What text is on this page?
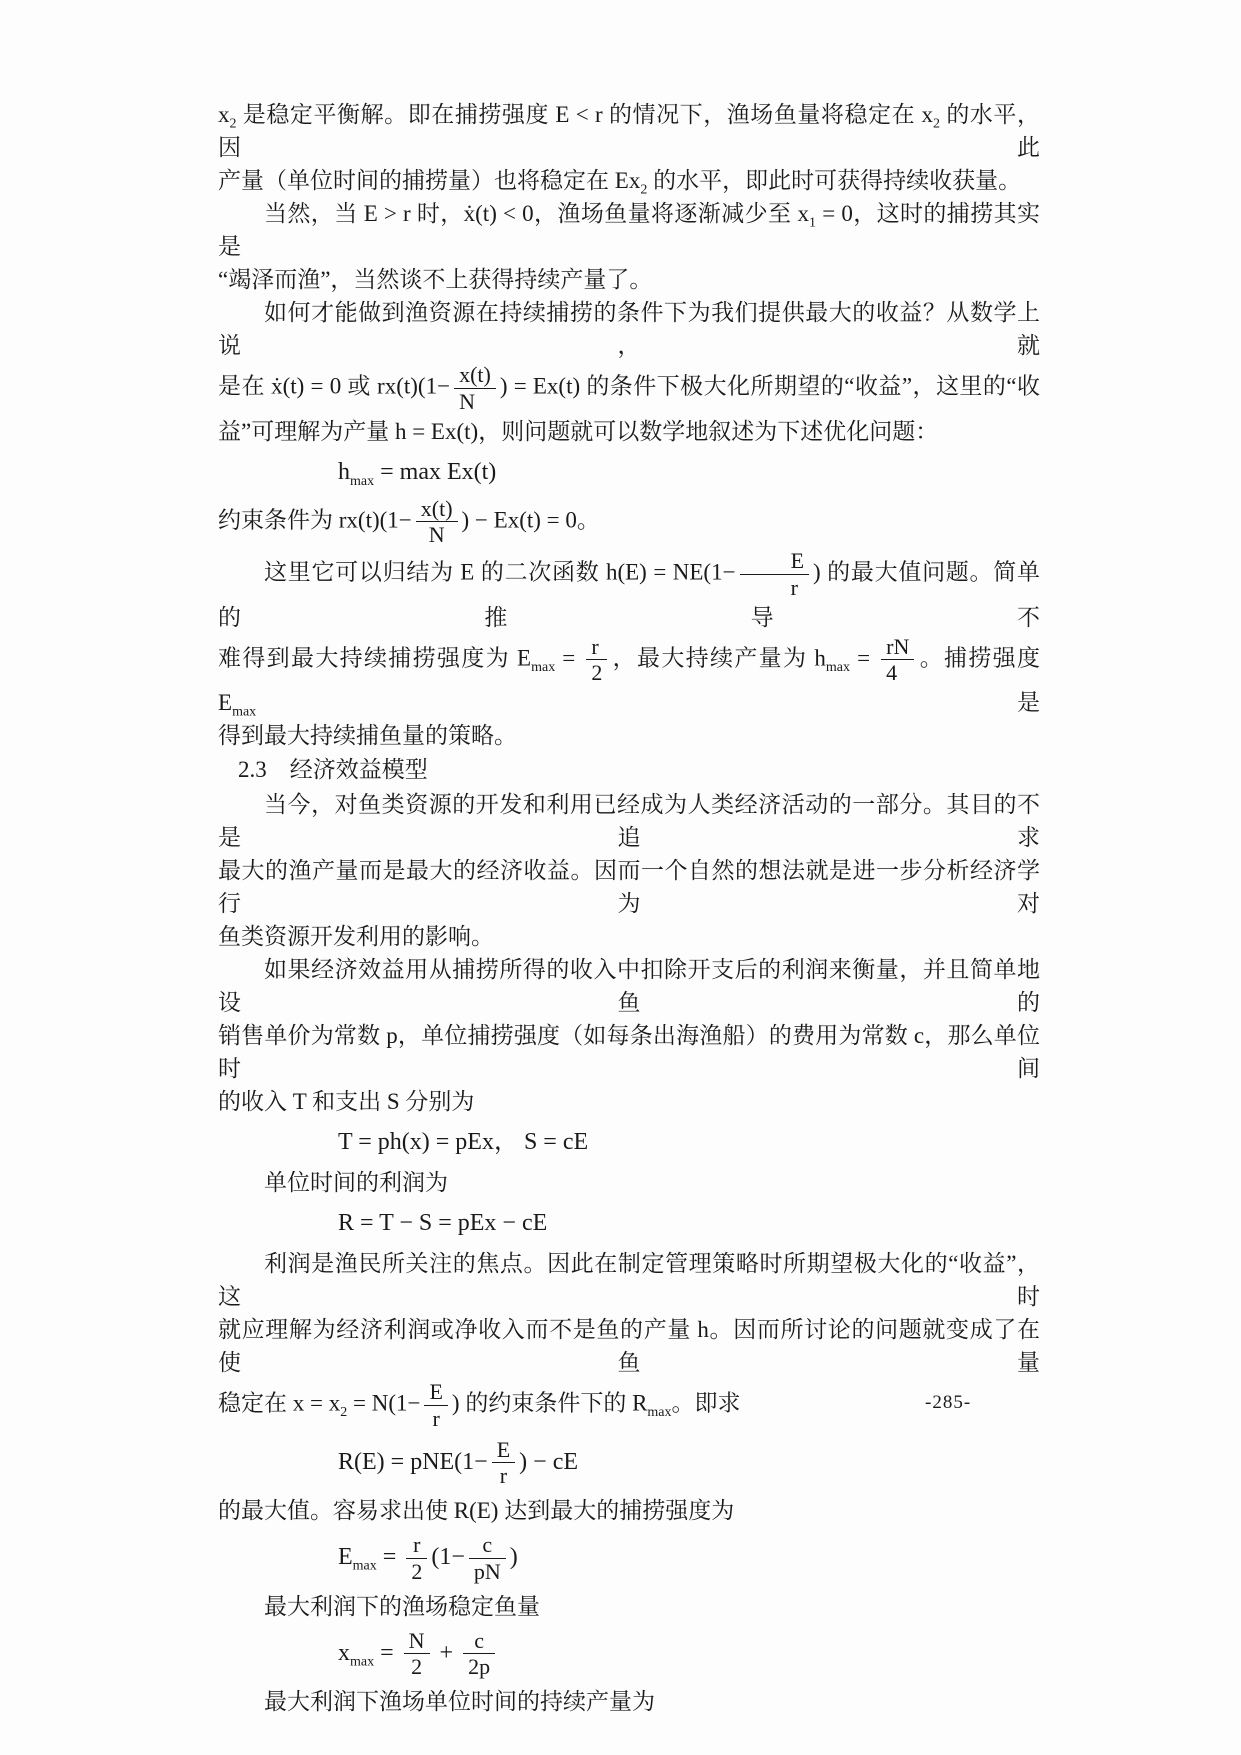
$x_2$ 是稳定平衡解。即在捕捞强度 E < r 的情况下，渔场鱼量将稳定在 $x_2$ 的水平，因此
产量（单位时间的捕捞量）也将稳定在 $Ex_2$ 的水平，即此时可获得持续收获量。
当然，当 E > r 时，ẋ(t) < 0，渔场鱼量将逐渐减少至 $x_1 = 0$，这时的捕捞其实是
“竭泽而渔”，当然谈不上获得持续产量了。
如何才能做到渔资源在持续捕捞的条件下为我们提供最大的收益？从数学上说，就
是在 ẋ(t) = 0 或 $rx(t)(1- \frac{x(t)}{N}$ ) = Ex(t) 的条件下极大化所期望的“收益”，这里的“收
益”可理解为产量 h = Ex(t)，则问题就可以数学地叙述为下述优化问题：
$h_{max} = \max Ex(t)$
约束条件为 $rx(t)(1- \frac{x(t)}{N}$ ) − Ex(t) = 0。
这里它可以归结为 E 的二次函数 $h(E) = NE(1- \frac{E}{r}$ ) 的最大值问题。简单的推导不
难得到最大持续捕捞强度为 $E_{max} = \frac{r}{2}$ ，最大持续产量为 $h_{max} = \frac{rN}{4}$ 。捕捞强度 $E_{max}$ 是
得到最大持续捕鱼量的策略。
2.3　经济效益模型
当今，对鱼类资源的开发和利用已经成为人类经济活动的一部分。其目的不是追求
最大的渔产量而是最大的经济收益。因而一个自然的想法就是进一步分析经济学行为对
鱼类资源开发利用的影响。
如果经济效益用从捕捞所得的收入中扣除开支后的利润来衡量，并且简单地设鱼的
销售单价为常数 p，单位捕捞强度（如每条出海渔船）的费用为常数 c，那么单位时间
的收入 T 和支出 S 分别为
T = ph(x) = pEx， S = cE
单位时间的利润为
R = T − S = pEx − cE
利润是渔民所关注的焦点。因此在制定管理策略时所期望极大化的“收益”，这时
就应理解为经济利润或净收入而不是鱼的产量 h。因而所讨论的问题就变成了在使鱼量
稳定在 $x = x_2 = N(1- \frac{E}{r}$ ) 的约束条件下的 $R_{max}$。即求
$R(E) = pNE(1- \frac{E}{r}$ ) − cE
的最大值。容易求出使 R(E) 达到最大的捕捞强度为
$E_{max} = \frac{r}{2} (1- \frac{c}{pN}$ )
最大利润下的渔场稳定鱼量
$x_{max} = \frac{N}{2} + \frac{c}{2p}$
最大利润下渔场单位时间的持续产量为
-285-
